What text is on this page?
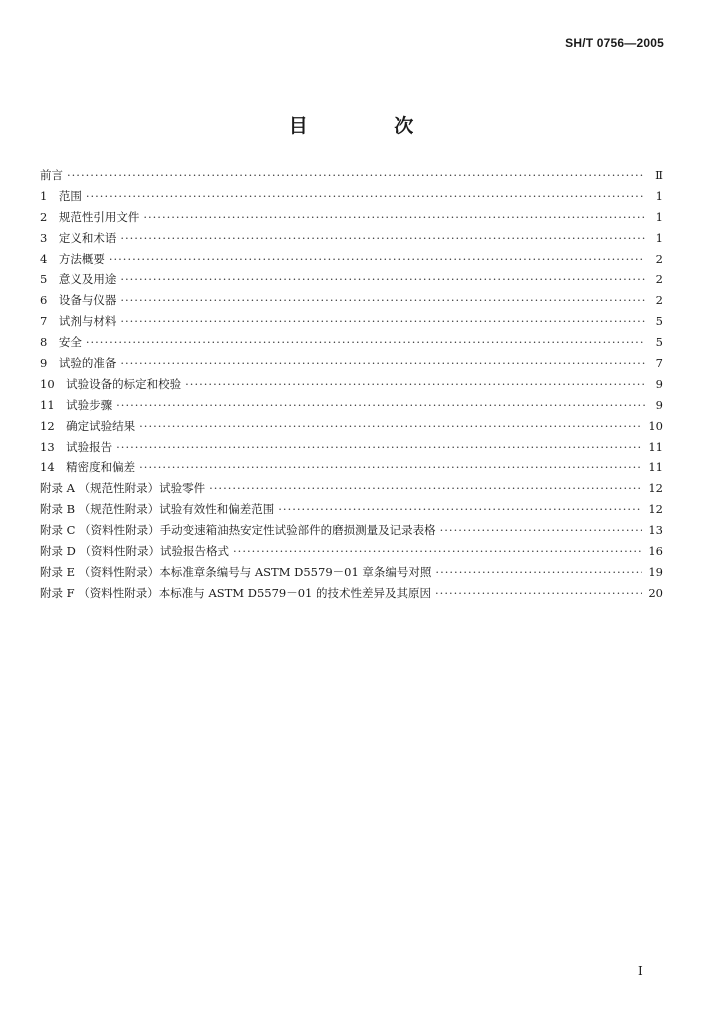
SH/T 0756—2005
目 次
前言 ·····	Ⅱ
1　范围 ·····	1
2　规范性引用文件 ·····	1
3　定义和术语 ·····	1
4　方法概要 ·····	2
5　意义及用途 ·····	2
6　设备与仪器 ·····	2
7　试剂与材料 ·····	5
8　安全 ·····	5
9　试验的准备 ·····	7
10　试验设备的标定和校验 ·····	9
11　试验步骤 ·····	9
12　确定试验结果 ·····	10
13　试验报告 ·····	11
14　精密度和偏差 ·····	11
附录 A （规范性附录）试验零件 ·····	12
附录 B （规范性附录）试验有效性和偏差范围 ·····	12
附录 C （资料性附录）手动变速箱油热安定性试验部件的磨损测量及记录表格 ·····	13
附录 D （资料性附录）试验报告格式 ·····	16
附录 E （资料性附录）本标准章条编号与 ASTM D5579－01 章条编号对照 ·····	19
附录 F （资料性附录）本标准与 ASTM D5579－01 的技术性差异及其原因 ·····	20
I
